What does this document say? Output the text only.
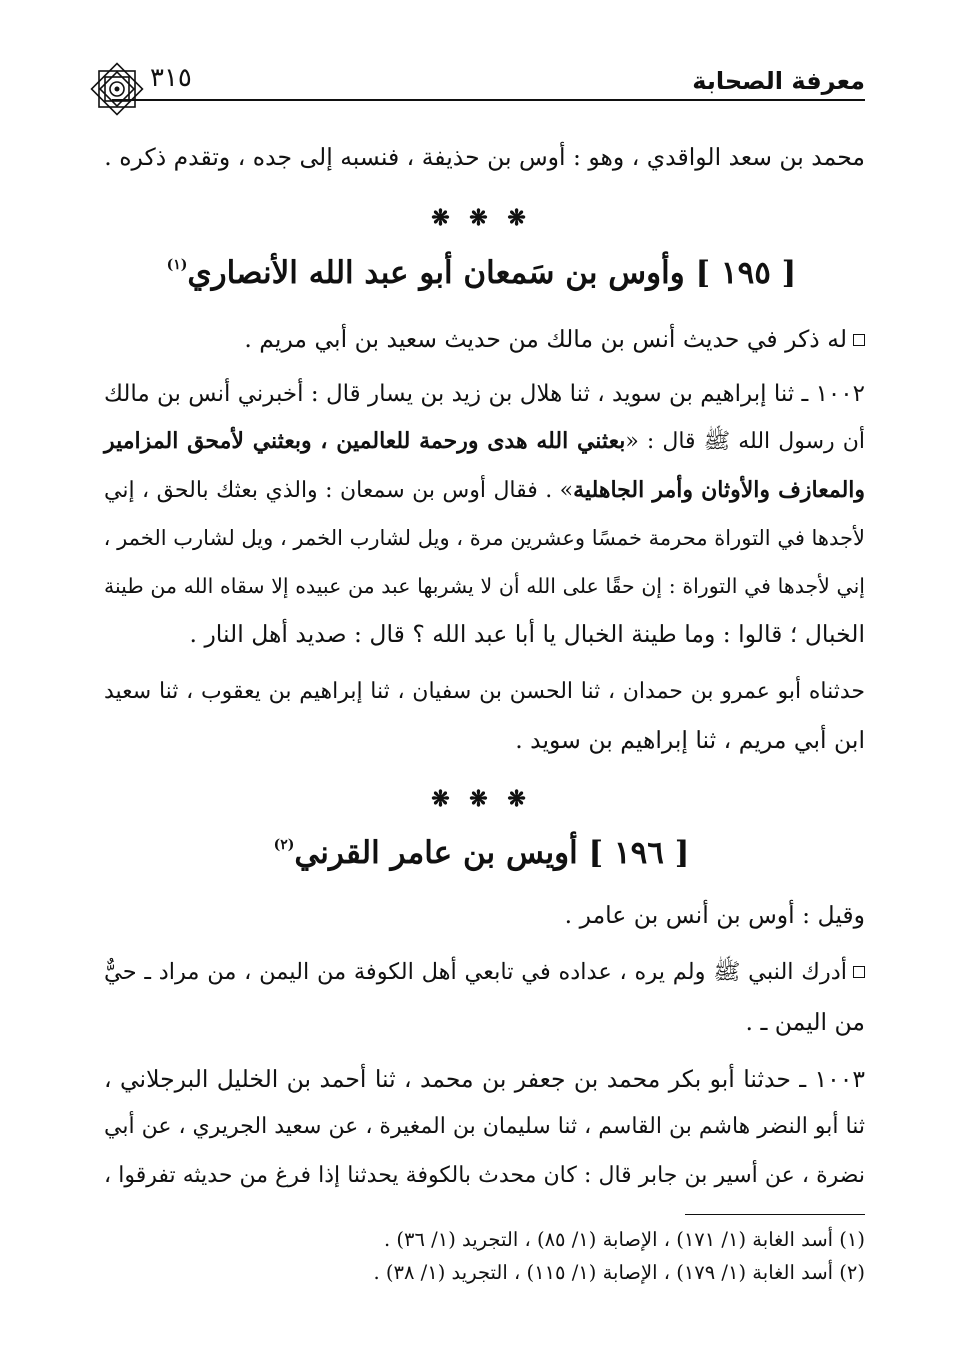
معرفة الصحابة
٣١٥
محمد بن سعد الواقدي ، وهو : أوس بن حذيفة ، فنسبه إلى جده ، وتقدم ذكره .
❋ ❋ ❋
[ ١٩٥ ] وأوس بن سَمعان أبو عبد الله الأنصاري$^{(١)}$
له ذكر في حديث أنس بن مالك من حديث سعيد بن أبي مريم .
١٠٠٢ ـ ثنا إبراهيم بن سويد ، ثنا هلال بن زيد بن يسار قال : أخبرني أنس بن مالك
أن رسول الله ﷺ قال : «بعثني الله هدى ورحمة للعالمين ، وبعثني لأمحق المزامير
والمعازف والأوثان وأمر الجاهلية» . فقال أوس بن سمعان : والذي بعثك بالحق ، إني
لأجدها في التوراة محرمة خمسًا وعشرين مرة ، ويل لشارب الخمر ، ويل لشارب الخمر ،
إني لأجدها في التوراة : إن حقًا على الله أن لا يشربها عبد من عبيده إلا سقاه الله من طينة
الخبال ؛ قالوا : وما طينة الخبال يا أبا عبد الله ؟ قال : صديد أهل النار .
حدثناه أبو عمرو بن حمدان ، ثنا الحسن بن سفيان ، ثنا إبراهيم بن يعقوب ، ثنا سعيد
ابن أبي مريم ، ثنا إبراهيم بن سويد .
❋ ❋ ❋
[ ١٩٦ ] أويس بن عامر القرني$^{(٢)}$
وقيل : أوس بن أنس بن عامر .
أدرك النبي ﷺ ولم يره ، عداده في تابعي أهل الكوفة من اليمن ، من مراد ـ حيٌّ
من اليمن ـ .
١٠٠٣ ـ حدثنا أبو بكر محمد بن جعفر بن محمد ، ثنا أحمد بن الخليل البرجلاني ،
ثنا أبو النضر هاشم بن القاسم ، ثنا سليمان بن المغيرة ، عن سعيد الجريري ، عن أبي
نضرة ، عن أسير بن جابر قال : كان محدث بالكوفة يحدثنا إذا فرغ من حديثه تفرقوا ،
(١) أسد الغابة (١/ ١٧١) ، الإصابة (١/ ٨٥) ، التجريد (١/ ٣٦) .
(٢) أسد الغابة (١/ ١٧٩) ، الإصابة (١/ ١١٥) ، التجريد (١/ ٣٨) .
